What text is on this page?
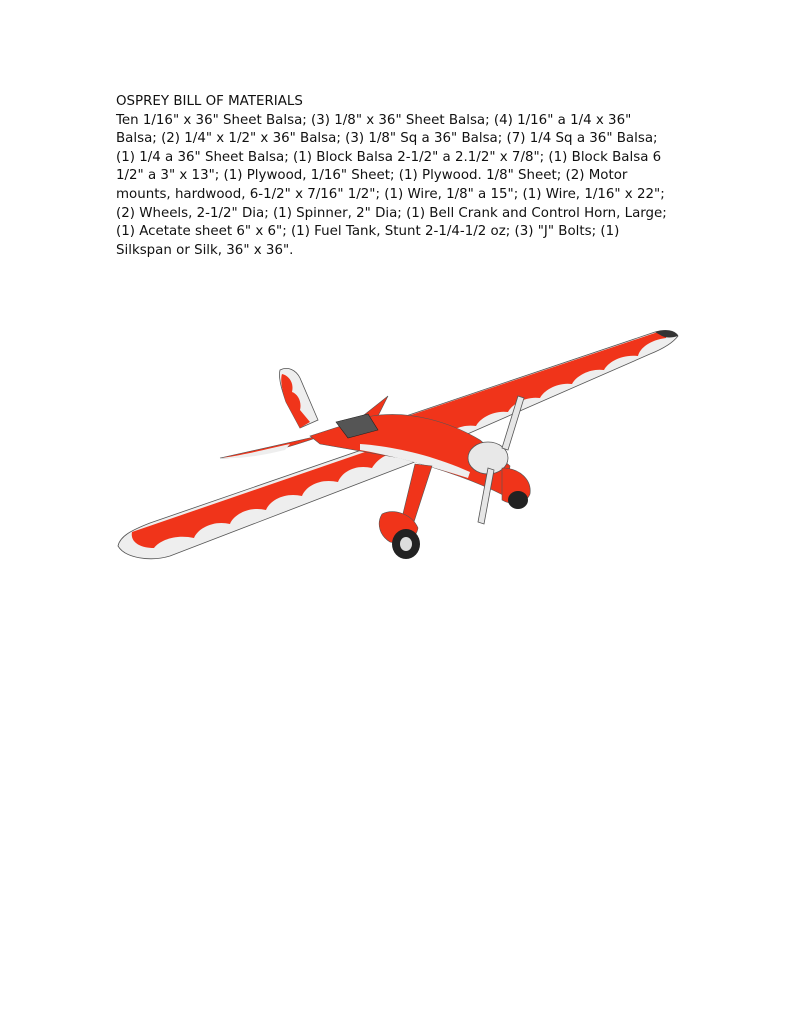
OSPREY BILL OF MATERIALS
Ten 1/16" x 36" Sheet Balsa; (3) 1/8" x 36" Sheet Balsa; (4) 1/16" a 1/4 x 36" Balsa; (2) 1/4" x 1/2" x 36" Balsa; (3) 1/8" Sq a 36" Balsa; (7) 1/4 Sq a 36" Balsa; (1) 1/4 a 36" Sheet Balsa; (1) Block Balsa 2-1/2" a 2.1/2" x 7/8"; (1) Block Balsa 6 1/2" a 3" x 13"; (1) Plywood, 1/16" Sheet; (1) Plywood. 1/8" Sheet; (2) Motor mounts, hardwood, 6-1/2" x 7/16" 1/2"; (1) Wire, 1/8" a 15"; (1) Wire, 1/16" x 22"; (2) Wheels, 2-1/2" Dia; (1) Spinner, 2" Dia; (1) Bell Crank and Control Horn, Large; (1) Acetate sheet 6" x 6"; (1) Fuel Tank, Stunt 2-1/4-1/2 oz; (3) "J" Bolts; (1) Silkspan or Silk, 36" x 36".
